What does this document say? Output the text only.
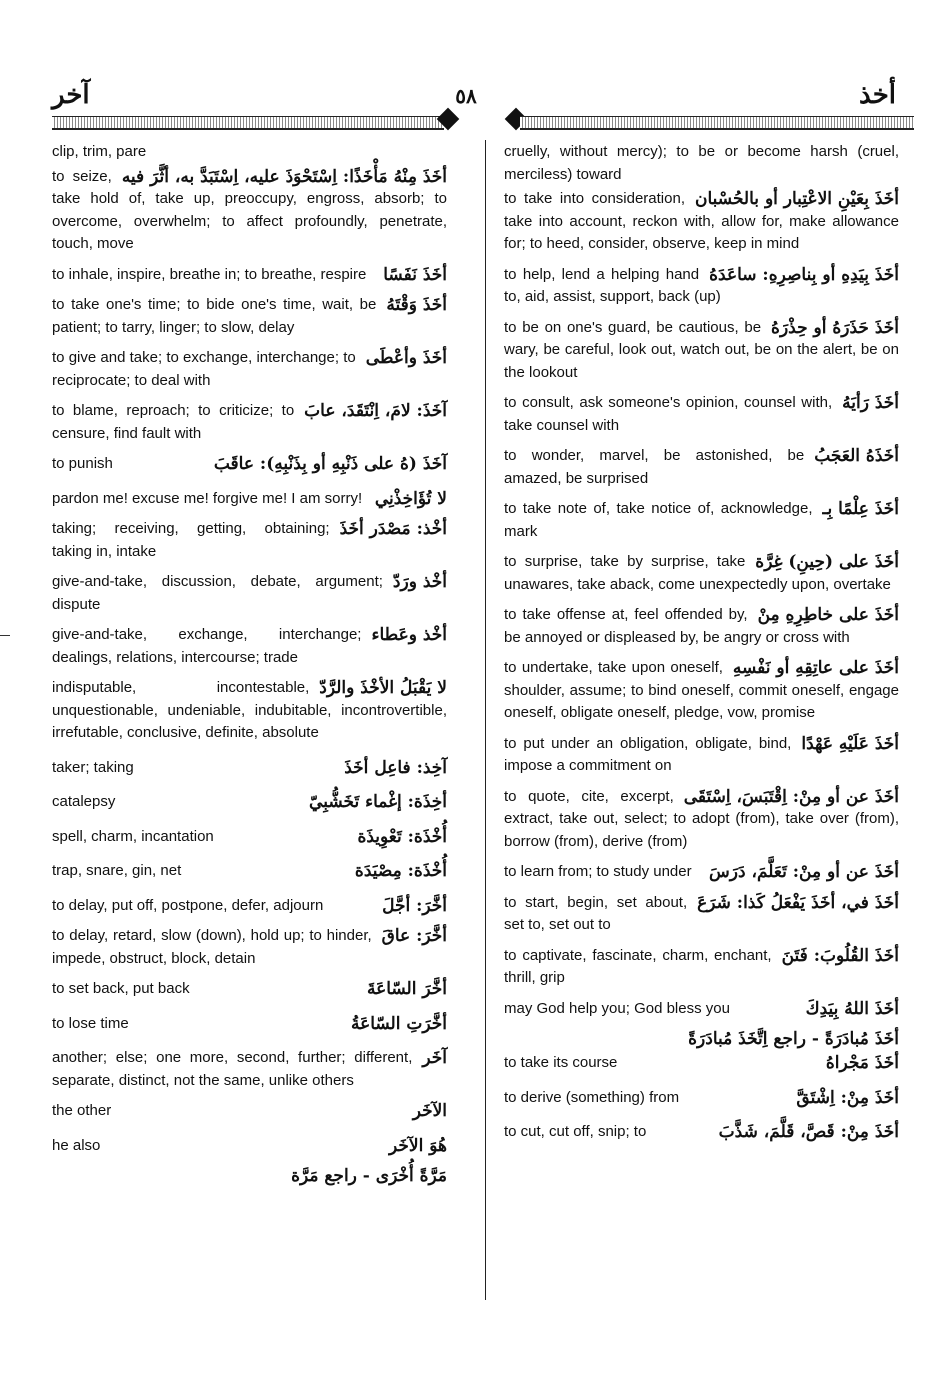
آخر	٥٨	أخذ
clip, trim, pare
أخَذَ مِنْهُ مَأْخَذًا: اِسْتَحْوَذَ عليه، اِسْتَبَدَّ به، أثَّرَ فيه
to seize, take hold of, take up, preoccupy, engross, absorb; to overcome, overwhelm; to affect profoundly, penetrate, touch, move
أخَذَ نَفَسًا
to inhale, inspire, breathe in; to breathe, respire
أخَذَ وَقْتَهُ
to take one's time; to bide one's time, wait, be patient; to tarry, linger; to slow, delay
أخَذَ وأعْطَى
to give and take; to exchange, interchange; to reciprocate; to deal with
آخَذَ: لامَ، اِنْتَقَدَ، عابَ
to blame, reproach; to criticize; to censure, find fault with
آخَذَ (هُ على ذَنْبِهِ أو بِذَنْبِهِ): عاقَبَ
to punish
لا تُؤَاخِذْنِي
pardon me! excuse me! forgive me! I am sorry!
أخْذ: مَصْدَر أخَذَ
taking; receiving, getting, obtaining; taking in, intake
أخْذ ورَدّ
give-and-take, discussion, debate, argument; dispute
أخْذ وعَطاء
give-and-take, exchange, interchange; dealings, relations, intercourse; trade
لا يَقْبَلُ الأخْذَ والرَّدّ
indisputable, incontestable, unquestionable, undeniable, indubitable, incontrovertible, irrefutable, conclusive, definite, absolute
آخِذ: فاعِل أخَذَ
taker; taking
أخِذَة: إغْماء تَخَشُّبِيّ
catalepsy
أُخْذَة: تَعْوِيذَة
spell, charm, incantation
أُخْذَة: مِصْيَدَة
trap, snare, gin, net
أخَّرَ: أجَّلَ
to delay, put off, postpone, defer, adjourn
أخَّرَ: عاقَ
to delay, retard, slow (down), hold up; to hinder, impede, obstruct, block, detain
أخَّرَ السّاعَةَ
to set back, put back
أخَّرَتِ السّاعَةُ
to lose time
آخَر
another; else; one more, second, further; different, separate, distinct, not the same, unlike others
الآخَر
the other
هُوَ الآخَر
he also
مَرَّةً أُخْرَى - راجع مَرَّة
cruelly, without mercy); to be or become harsh (cruel, merciless) toward
أخَذَ بِعَيْنِ الاعْتِبار أو بالحُسْبان
to take into consideration, take into account, reckon with, allow for, make allowance for; to heed, consider, observe, keep in mind
أخَذَ بِيَدِهِ أو بِناصِرِهِ: ساعَدَهُ
to help, lend a helping hand to, aid, assist, support, back (up)
أخَذَ حَذَرَهُ أو حِذْرَهُ
to be on one's guard, be cautious, be wary, be careful, look out, watch out, be on the alert, be on the lookout
أخَذَ رَأيَهُ
to consult, ask someone's opinion, counsel with, take counsel with
أخَذَهُ العَجَبُ
to wonder, marvel, be astonished, be amazed, be surprised
أخَذَ عِلْمًا بِـ
to take note of, take notice of, acknowledge, mark
أخَذَ على (حِينِ) غِرَّة
to surprise, take by surprise, take unawares, take aback, come unexpectedly upon, overtake
أخَذَ على خاطِرِهِ مِنْ
to take offense at, feel offended by, be annoyed or displeased by, be angry or cross with
أخَذَ على عاتِقِهِ أو نَفْسِهِ
to undertake, take upon oneself, shoulder, assume; to bind oneself, commit oneself, engage oneself, obligate oneself, pledge, vow, promise
أخَذَ عَلَيْهِ عَهْدًا
to put under an obligation, obligate, bind, impose a commitment on
أخَذَ عن أو مِنْ: اِقْتَبَسَ، اِسْتَقَى
to quote, cite, excerpt, extract, take out, select; to adopt (from), take over (from), borrow (from), derive (from)
أخَذَ عن أو مِنْ: تَعَلَّمَ، دَرَسَ
to learn from; to study under
أخَذَ في، أخَذَ يَفْعَلُ كَذا: شَرَعَ
to start, begin, set about, set to, set out to
أخَذَ القُلُوبَ: فَتَنَ
to captivate, fascinate, charm, enchant, thrill, grip
أخَذَ اللهُ بِيَدِكَ
may God help you; God bless you
أخَذَ مُبادَرَةً - راجع اِتَّخَذَ مُبادَرَةً
أخَذَ مَجْراهُ
to take its course
أخَذَ مِنْ: اِشْتَقَّ
to derive (something) from
أخَذَ مِنْ: قَصَّ، قَلَّمَ، شَذَّبَ
to cut, cut off, snip; to
